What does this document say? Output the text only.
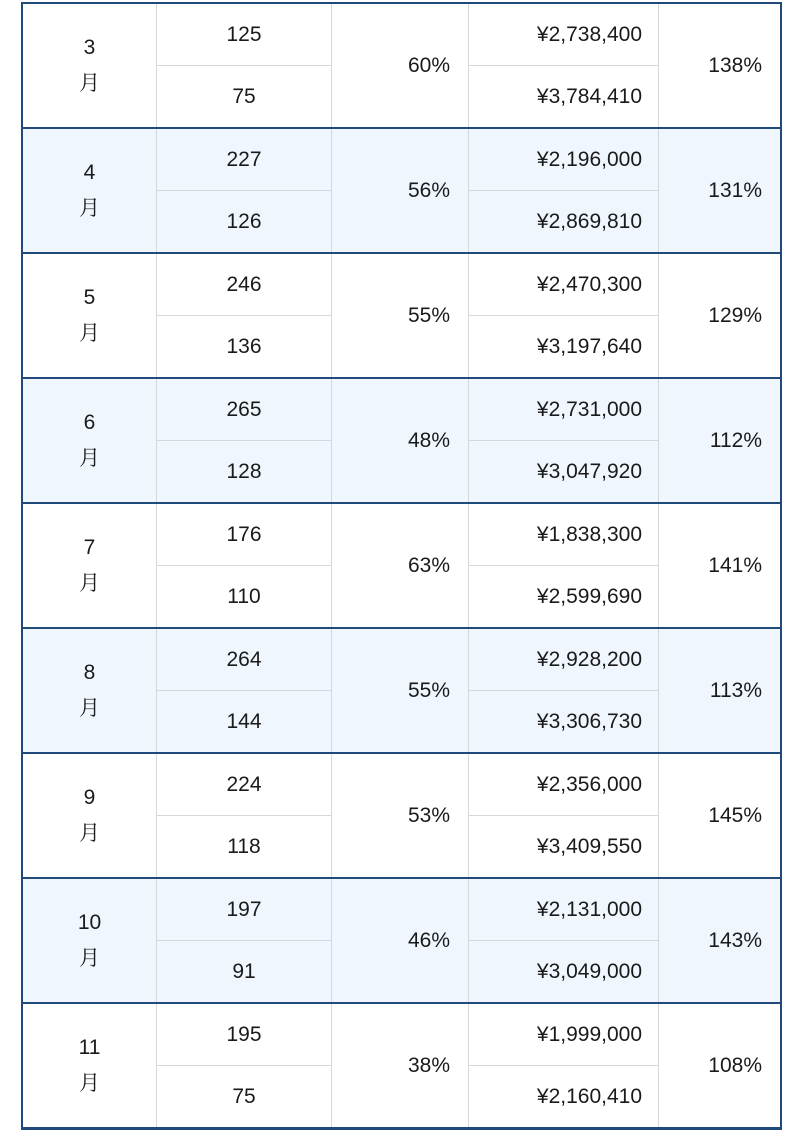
3
月
125
75
60%
¥2,738,400
¥3,784,410
138%
4
月
227
126
56%
¥2,196,000
¥2,869,810
131%
5
月
246
136
55%
¥2,470,300
¥3,197,640
129%
6
月
265
128
48%
¥2,731,000
¥3,047,920
112%
7
月
176
110
63%
¥1,838,300
¥2,599,690
141%
8
月
264
144
55%
¥2,928,200
¥3,306,730
113%
9
月
224
118
53%
¥2,356,000
¥3,409,550
145%
10
月
197
91
46%
¥2,131,000
¥3,049,000
143%
11
月
195
75
38%
¥1,999,000
¥2,160,410
108%
